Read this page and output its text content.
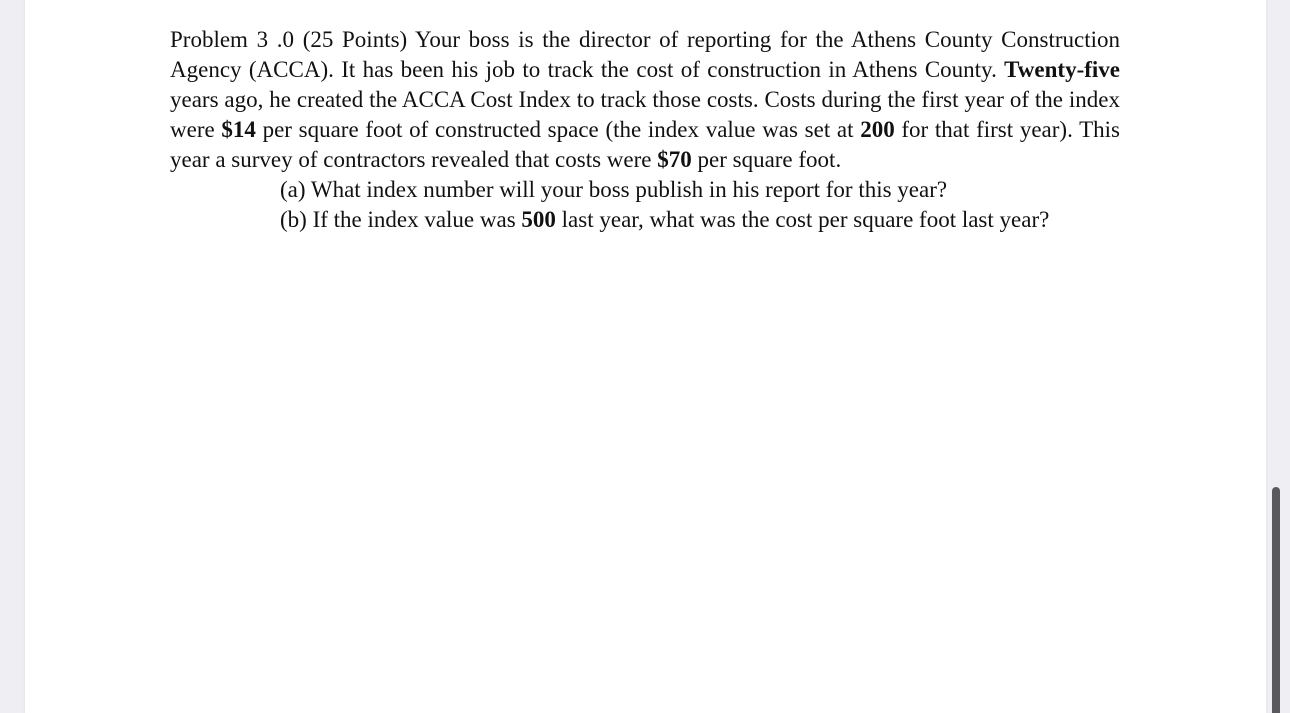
Problem 3 .0 (25 Points) Your boss is the director of reporting for the Athens County Construction Agency (ACCA). It has been his job to track the cost of construction in Athens County. Twenty-five years ago, he created the ACCA Cost Index to track those costs. Costs during the first year of the index were $14 per square foot of constructed space (the index value was set at 200 for that first year). This year a survey of contractors revealed that costs were $70 per square foot.

(a) What index number will your boss publish in his report for this year?
(b) If the index value was 500 last year, what was the cost per square foot last year?
